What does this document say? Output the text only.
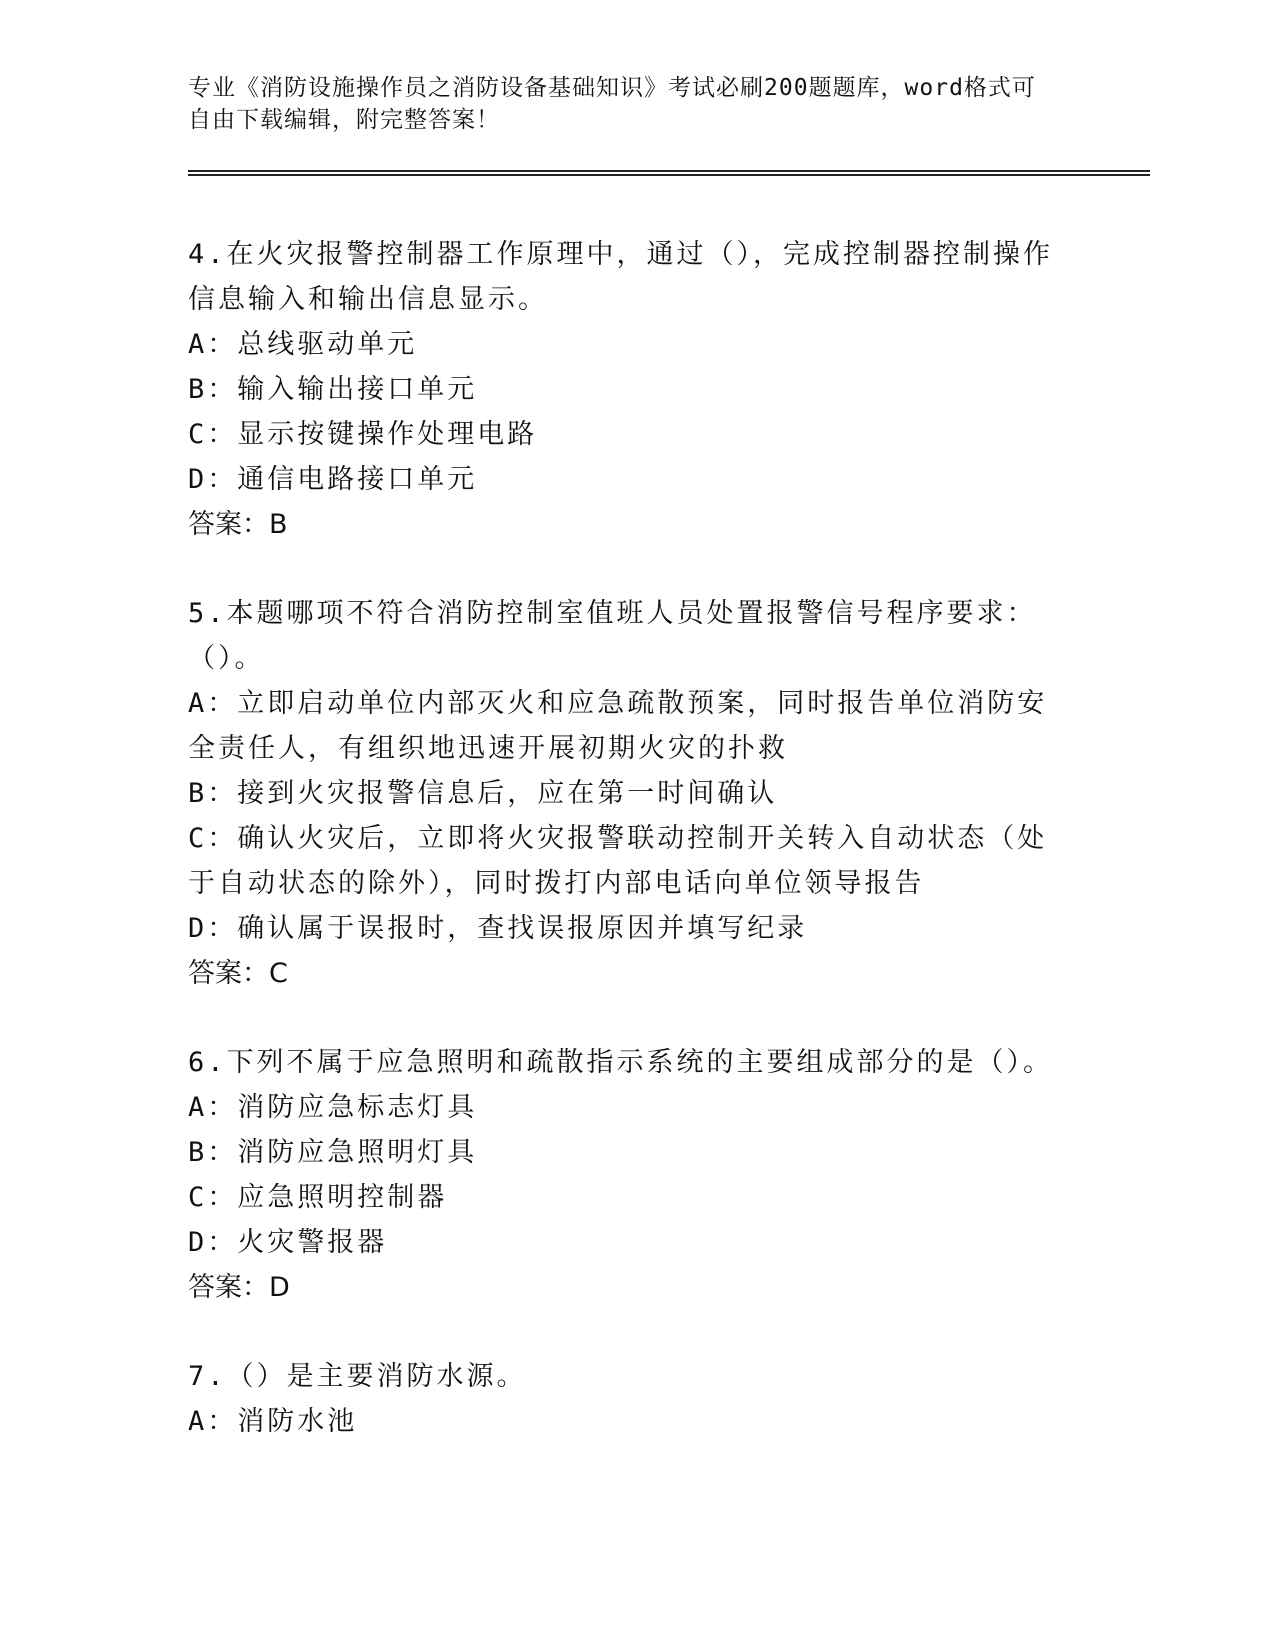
专业《消防设施操作员之消防设备基础知识》考试必刷200题题库，word格式可
自由下载编辑，附完整答案！

4.在火灾报警控制器工作原理中，通过（），完成控制器控制操作信息输入和输出信息显示。

A：总线驱动单元

B：输入输出接口单元

C：显示按键操作处理电路

D：通信电路接口单元

答案：B

5.本题哪项不符合消防控制室值班人员处置报警信号程序要求：（）。

A：立即启动单位内部灭火和应急疏散预案，同时报告单位消防安全责任人，有组织地迅速开展初期火灾的扑救

B：接到火灾报警信息后，应在第一时间确认

C：确认火灾后，立即将火灾报警联动控制开关转入自动状态（处于自动状态的除外），同时拨打内部电话向单位领导报告

D：确认属于误报时，查找误报原因并填写纪录

答案：C

6.下列不属于应急照明和疏散指示系统的主要组成部分的是（）。

A：消防应急标志灯具

B：消防应急照明灯具

C：应急照明控制器

D：火灾警报器

答案：D

7.（）是主要消防水源。

A：消防水池
